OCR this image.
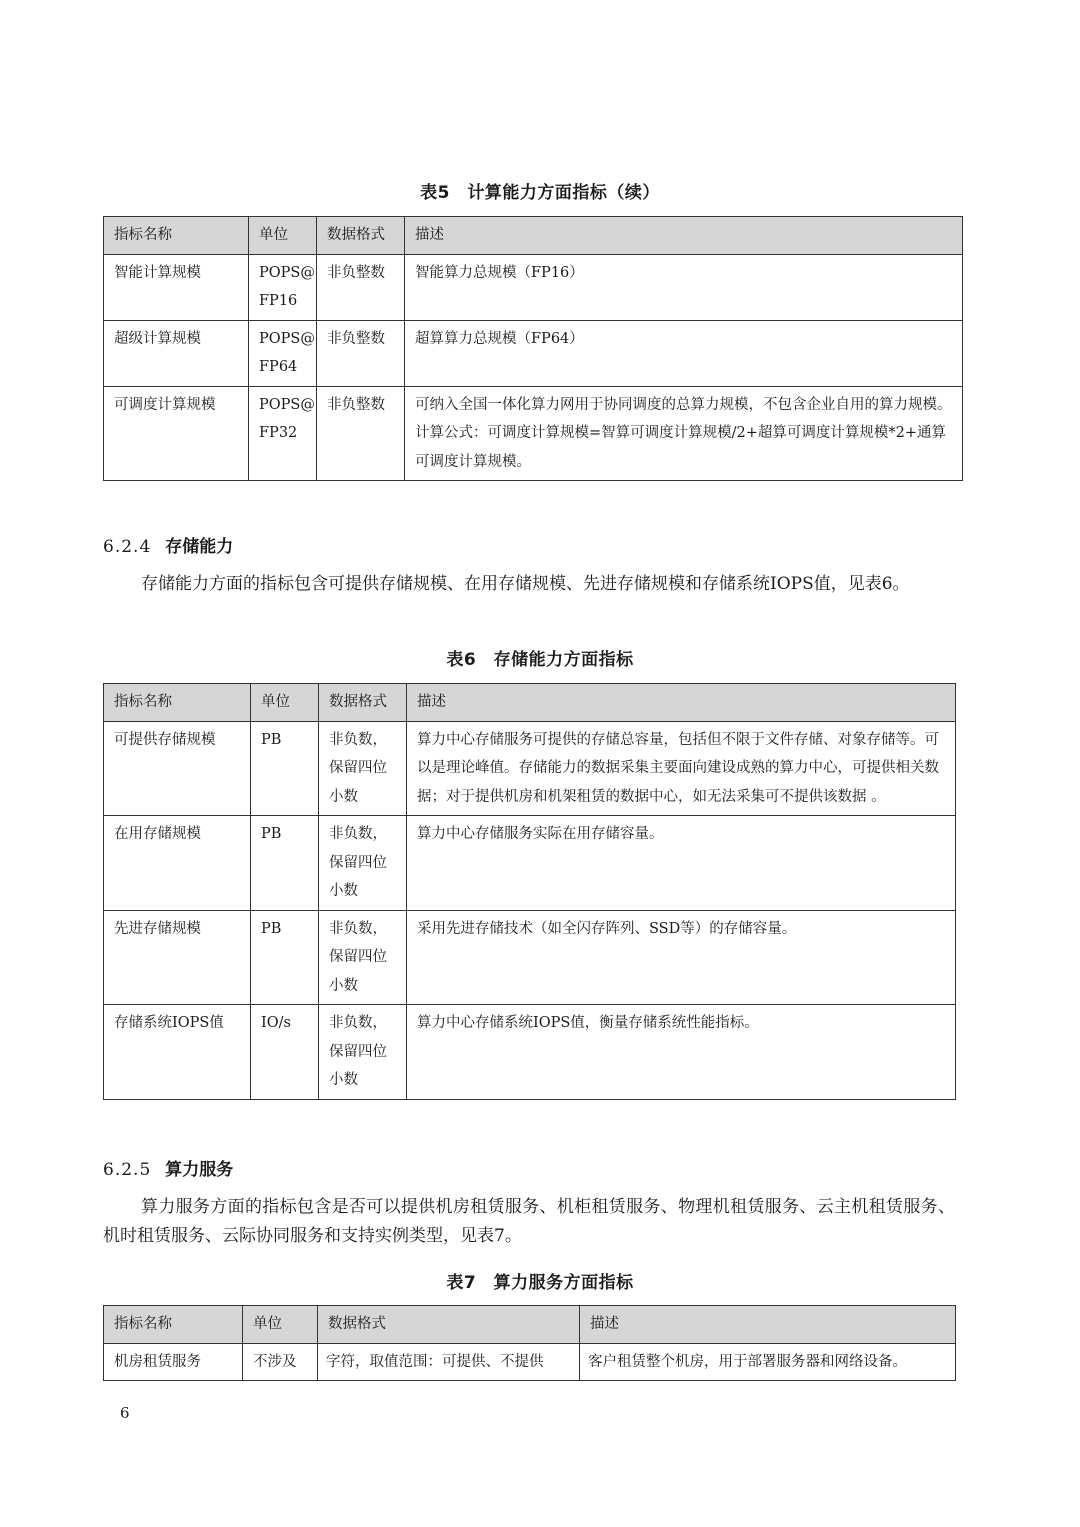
表5　计算能力方面指标（续）
指标名称	单位	数据格式	描述
智能计算规模	POPS@ FP16	非负整数	智能算力总规模（FP16）
超级计算规模	POPS@ FP64	非负整数	超算算力总规模（FP64）
可调度计算规模	POPS@ FP32	非负整数	可纳入全国一体化算力网用于协同调度的总算力规模，不包含企业自用的算力规模。
计算公式：可调度计算规模=智算可调度计算规模/2+超算可调度计算规模*2+通算可调度计算规模。
6.2.4 存储能力
存储能力方面的指标包含可提供存储规模、在用存储规模、先进存储规模和存储系统IOPS值，见表6。
表6　存储能力方面指标
指标名称	单位	数据格式	描述
可提供存储规模	PB	非负数，保留四位小数	算力中心存储服务可提供的存储总容量，包括但不限于文件存储、对象存储等。可以是理论峰值。存储能力的数据采集主要面向建设成熟的算力中心，可提供相关数据；对于提供机房和机架租赁的数据中心，如无法采集可不提供该数据 。
在用存储规模	PB	非负数，保留四位小数	算力中心存储服务实际在用存储容量。
先进存储规模	PB	非负数，保留四位小数	采用先进存储技术（如全闪存阵列、SSD等）的存储容量。
存储系统IOPS值	IO/s	非负数，保留四位小数	算力中心存储系统IOPS值，衡量存储系统性能指标。
6.2.5 算力服务
算力服务方面的指标包含是否可以提供机房租赁服务、机柜租赁服务、物理机租赁服务、云主机租赁服务、机时租赁服务、云际协同服务和支持实例类型，见表7。
表7　算力服务方面指标
指标名称	单位	数据格式	描述
机房租赁服务	不涉及	字符，取值范围：可提供、不提供	客户租赁整个机房，用于部署服务器和网络设备。
6
